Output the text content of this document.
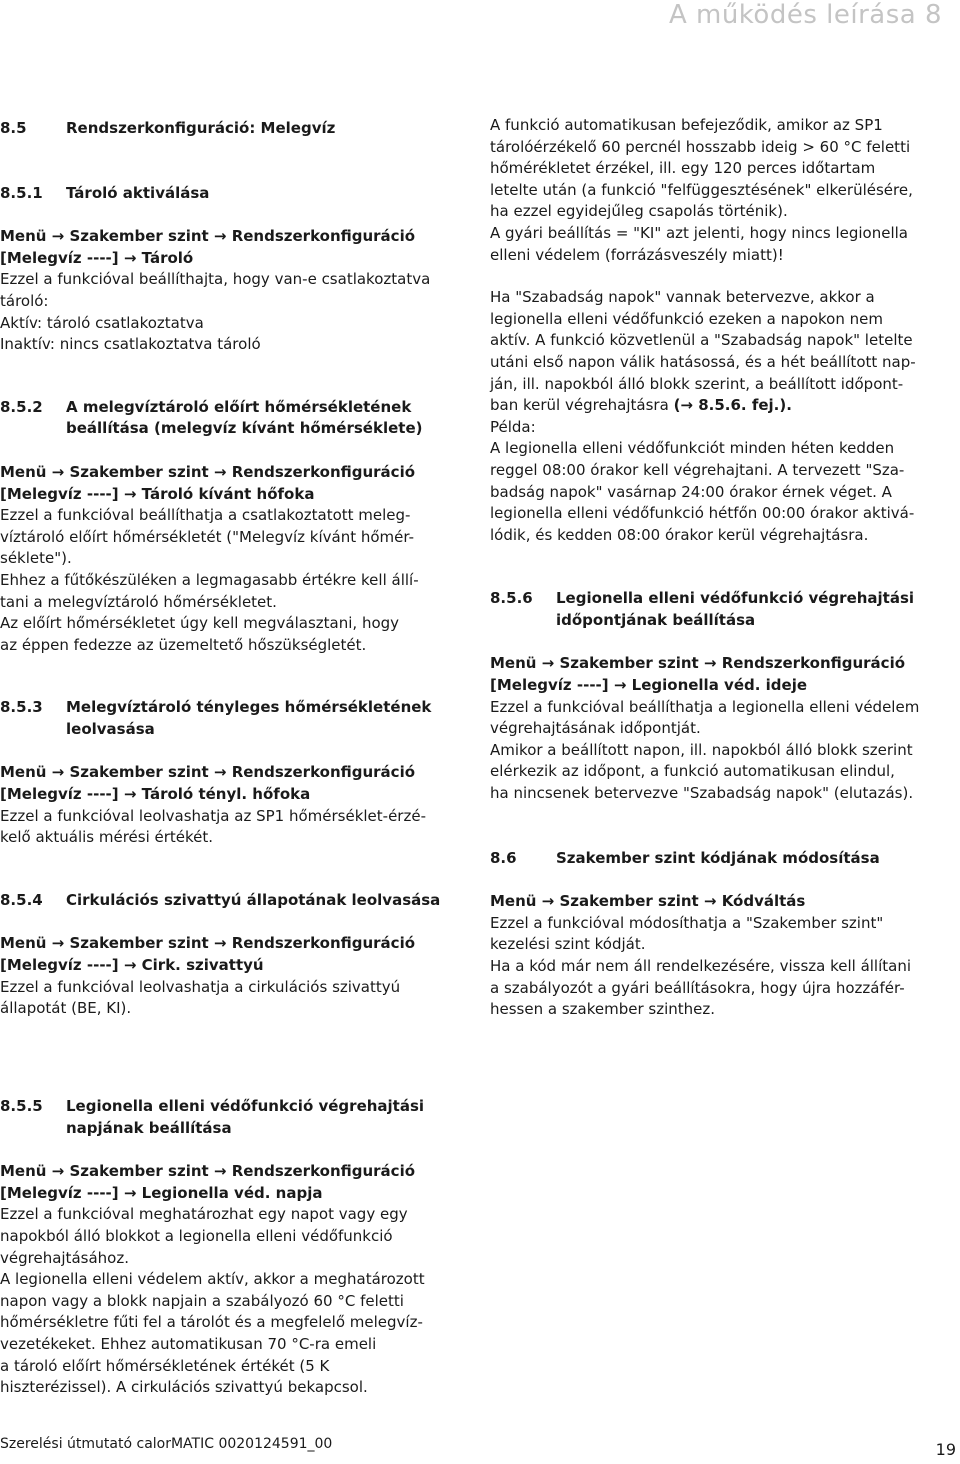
A működés leírása 8
8.5	Rendszerkonfiguráció: Melegvíz
8.5.1	Tároló aktiválása

Menü → Szakember szint → Rendszerkonfiguráció

[Melegvíz ----] → Tároló

Ezzel a funkcióval beállíthajta, hogy van-e csatlakoztatva

tároló:

Aktív: tároló csatlakoztatva

Inaktív: nincs csatlakoztatva tároló

8.5.2	A melegvíztároló előírt hőmérsékletének
beállítása (melegvíz kívánt hőmérséklete)

Menü → Szakember szint → Rendszerkonfiguráció

[Melegvíz ----] → Tároló kívánt hőfoka

Ezzel a funkcióval beállíthatja a csatlakoztatott meleg-

víztároló előírt hőmérsékletét ("Melegvíz kívánt hőmér-

séklete").

Ehhez a fűtőkészüléken a legmagasabb értékre kell állí-

tani a melegvíztároló hőmérsékletet.

Az előírt hőmérsékletet úgy kell megválasztani, hogy

az éppen fedezze az üzemeltető hőszükségletét.

8.5.3	Melegvíztároló tényleges hőmérsékletének
leolvasása

Menü → Szakember szint → Rendszerkonfiguráció

[Melegvíz ----] → Tároló tényl. hőfoka

Ezzel a funkcióval leolvashatja az SP1 hőmérséklet-érzé-

kelő aktuális mérési értékét.

8.5.4	Cirkulációs szivattyú állapotának leolvasása

Menü → Szakember szint → Rendszerkonfiguráció

[Melegvíz ----] → Cirk. szivattyú

Ezzel a funkcióval leolvashatja a cirkulációs szivattyú

állapotát (BE, KI).

8.5.5	Legionella elleni védőfunkció végrehajtási
napjának beállítása

Menü → Szakember szint → Rendszerkonfiguráció

[Melegvíz ----] → Legionella véd. napja

Ezzel a funkcióval meghatározhat egy napot vagy egy

napokból álló blokkot a legionella elleni védőfunkció

végrehajtásához.

A legionella elleni védelem aktív, akkor a meghatározott

napon vagy a blokk napjain a szabályozó 60 °C feletti

hőmérsékletre fűti fel a tárolót és a megfelelő melegvíz-

vezetékeket. Ehhez automatikusan 70 °C-ra emeli

a tároló előírt hőmérsékletének értékét (5 K

hiszterézissel). A cirkulációs szivattyú bekapcsol.

A funkció automatikusan befejeződik, amikor az SP1

tárolóérzékelő 60 percnél hosszabb ideig > 60 °C feletti

hőmérékletet érzékel, ill. egy 120 perces időtartam

letelte után (a funkció "felfüggesztésének" elkerülésére,

ha ezzel egyidejűleg csapolás történik).

A gyári beállítás = "KI" azt jelenti, hogy nincs legionella

elleni védelem (forrázásveszély miatt)!

Ha "Szabadság napok" vannak betervezve, akkor a

legionella elleni védőfunkció ezeken a napokon nem

aktív. A funkció közvetlenül a "Szabadság napok" letelte

utáni első napon válik hatásossá, és a hét beállított nap-

ján, ill. napokból álló blokk szerint, a beállított időpont-

ban kerül végrehajtásra (→ 8.5.6. fej.).

Példa:

A legionella elleni védőfunkciót minden héten kedden

reggel 08:00 órakor kell végrehajtani. A tervezett "Sza-

badság napok" vasárnap 24:00 órakor érnek véget. A

legionella elleni védőfunkció hétfőn 00:00 órakor aktivá-

lódik, és kedden 08:00 órakor kerül végrehajtásra.

8.5.6	Legionella elleni védőfunkció végrehajtási
időpontjának beállítása

Menü → Szakember szint → Rendszerkonfiguráció

[Melegvíz ----] → Legionella véd. ideje

Ezzel a funkcióval beállíthatja a legionella elleni védelem

végrehajtásának időpontját.

Amikor a beállított napon, ill. napokból álló blokk szerint

elérkezik az időpont, a funkció automatikusan elindul,

ha nincsenek betervezve "Szabadság napok" (elutazás).

8.6	Szakember szint kódjának módosítása

Menü → Szakember szint → Kódváltás

Ezzel a funkcióval módosíthatja a "Szakember szint"

kezelési szint kódját.

Ha a kód már nem áll rendelkezésére, vissza kell állítani

a szabályozót a gyári beállításokra, hogy újra hozzáfér-

hessen a szakember szinthez.

Szerelési útmutató calorMATIC 0020124591_00	19
